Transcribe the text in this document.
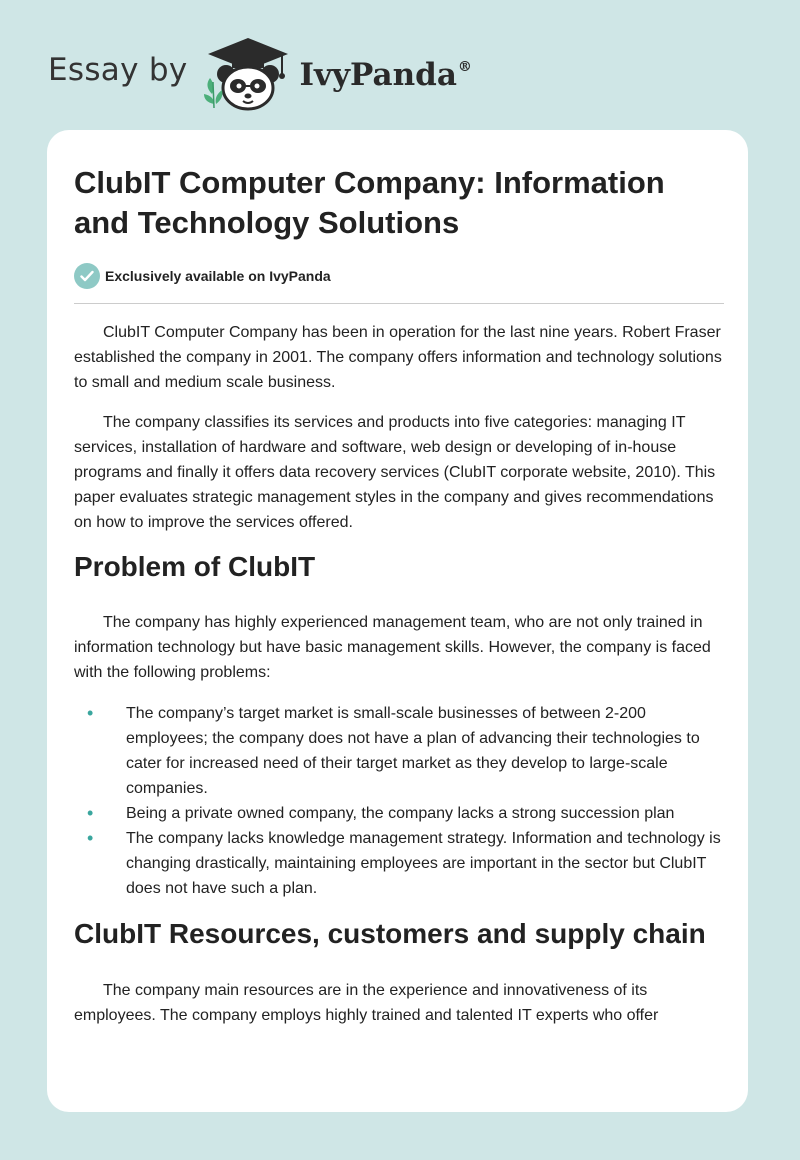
Essay by	IvyPanda®
ClubIT Computer Company: Information and Technology Solutions
Exclusively available on IvyPanda

ClubIT Computer Company has been in operation for the last nine years. Robert Fraser established the company in 2001. The company offers information and technology solutions to small and medium scale business.

The company classifies its services and products into five categories: managing IT services, installation of hardware and software, web design or developing of in-house programs and finally it offers data recovery services (ClubIT corporate website, 2010). This paper evaluates strategic management styles in the company and gives recommendations on how to improve the services offered.

Problem of ClubIT

The company has highly experienced management team, who are not only trained in information technology but have basic management skills. However, the company is faced with the following problems:

• The company’s target market is small-scale businesses of between 2-200 employees; the company does not have a plan of advancing their technologies to cater for increased need of their target market as they develop to large-scale companies.
• Being a private owned company, the company lacks a strong succession plan
• The company lacks knowledge management strategy. Information and technology is changing drastically, maintaining employees are important in the sector but ClubIT does not have such a plan.
ClubIT Resources, customers and supply chain

The company main resources are in the experience and innovativeness of its employees. The company employs highly trained and talented IT experts who offer
